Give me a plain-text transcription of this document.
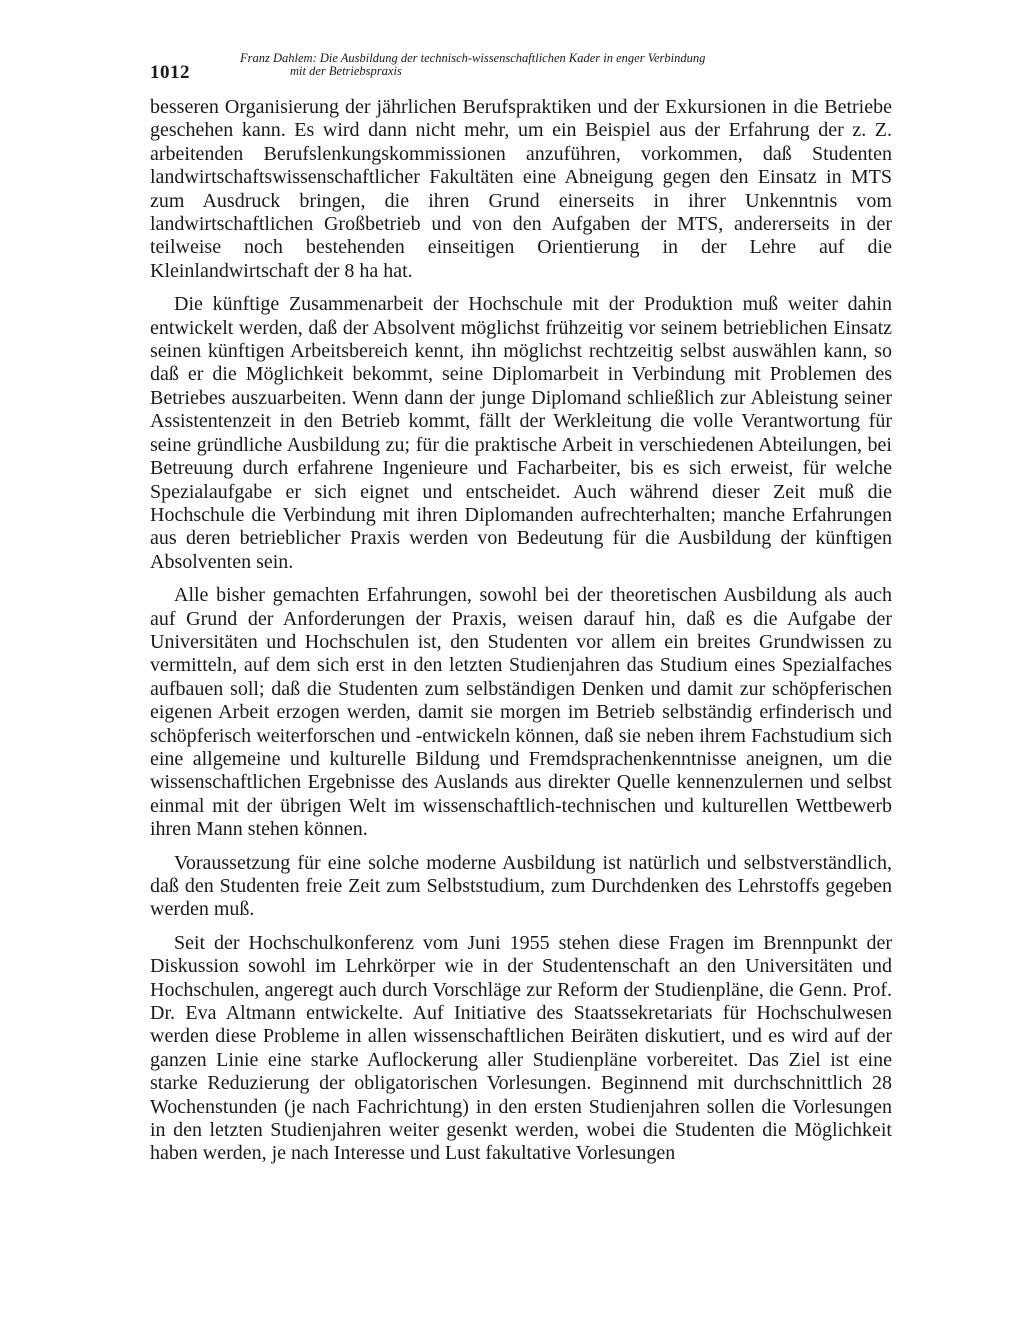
1012
Franz Dahlem: Die Ausbildung der technisch-wissenschaftlichen Kader in enger Verbindung
mit der Betriebspraxis

besseren Organisierung der jährlichen Berufspraktiken und der Exkursionen in die Betriebe geschehen kann. Es wird dann nicht mehr, um ein Beispiel aus der Erfahrung der z. Z. arbeitenden Berufslenkungskommissionen anzuführen, vorkommen, daß Studenten landwirtschaftswissenschaftlicher Fakultäten eine Abneigung gegen den Einsatz in MTS zum Ausdruck bringen, die ihren Grund einerseits in ihrer Unkenntnis vom landwirtschaftlichen Großbetrieb und von den Aufgaben der MTS, andererseits in der teilweise noch bestehenden einseitigen Orientierung in der Lehre auf die Kleinlandwirtschaft der 8 ha hat.

Die künftige Zusammenarbeit der Hochschule mit der Produktion muß weiter dahin entwickelt werden, daß der Absolvent möglichst frühzeitig vor seinem betrieblichen Einsatz seinen künftigen Arbeitsbereich kennt, ihn möglichst rechtzeitig selbst auswählen kann, so daß er die Möglichkeit bekommt, seine Diplomarbeit in Verbindung mit Problemen des Betriebes auszuarbeiten. Wenn dann der junge Diplomand schließlich zur Ableistung seiner Assistentenzeit in den Betrieb kommt, fällt der Werkleitung die volle Verantwortung für seine gründliche Ausbildung zu; für die praktische Arbeit in verschiedenen Abteilungen, bei Betreuung durch erfahrene Ingenieure und Facharbeiter, bis es sich erweist, für welche Spezialaufgabe er sich eignet und entscheidet. Auch während dieser Zeit muß die Hochschule die Verbindung mit ihren Diplomanden aufrechterhalten; manche Erfahrungen aus deren betrieblicher Praxis werden von Bedeutung für die Ausbildung der künftigen Absolventen sein.

Alle bisher gemachten Erfahrungen, sowohl bei der theoretischen Ausbildung als auch auf Grund der Anforderungen der Praxis, weisen darauf hin, daß es die Aufgabe der Universitäten und Hochschulen ist, den Studenten vor allem ein breites Grundwissen zu vermitteln, auf dem sich erst in den letzten Studienjahren das Studium eines Spezialfaches aufbauen soll; daß die Studenten zum selbständigen Denken und damit zur schöpferischen eigenen Arbeit erzogen werden, damit sie morgen im Betrieb selbständig erfinderisch und schöpferisch weiterforschen und -entwickeln können, daß sie neben ihrem Fachstudium sich eine allgemeine und kulturelle Bildung und Fremdsprachenkenntnisse aneignen, um die wissenschaftlichen Ergebnisse des Auslands aus direkter Quelle kennenzulernen und selbst einmal mit der übrigen Welt im wissenschaftlich-technischen und kulturellen Wettbewerb ihren Mann stehen können.

Voraussetzung für eine solche moderne Ausbildung ist natürlich und selbstverständlich, daß den Studenten freie Zeit zum Selbststudium, zum Durchdenken des Lehrstoffs gegeben werden muß.

Seit der Hochschulkonferenz vom Juni 1955 stehen diese Fragen im Brennpunkt der Diskussion sowohl im Lehrkörper wie in der Studentenschaft an den Universitäten und Hochschulen, angeregt auch durch Vorschläge zur Reform der Studienpläne, die Genn. Prof. Dr. Eva Altmann entwickelte. Auf Initiative des Staatssekretariats für Hochschulwesen werden diese Probleme in allen wissenschaftlichen Beiräten diskutiert, und es wird auf der ganzen Linie eine starke Auflockerung aller Studienpläne vorbereitet. Das Ziel ist eine starke Reduzierung der obligatorischen Vorlesungen. Beginnend mit durchschnittlich 28 Wochenstunden (je nach Fachrichtung) in den ersten Studienjahren sollen die Vorlesungen in den letzten Studienjahren weiter gesenkt werden, wobei die Studenten die Möglichkeit haben werden, je nach Interesse und Lust fakultative Vorlesungen
